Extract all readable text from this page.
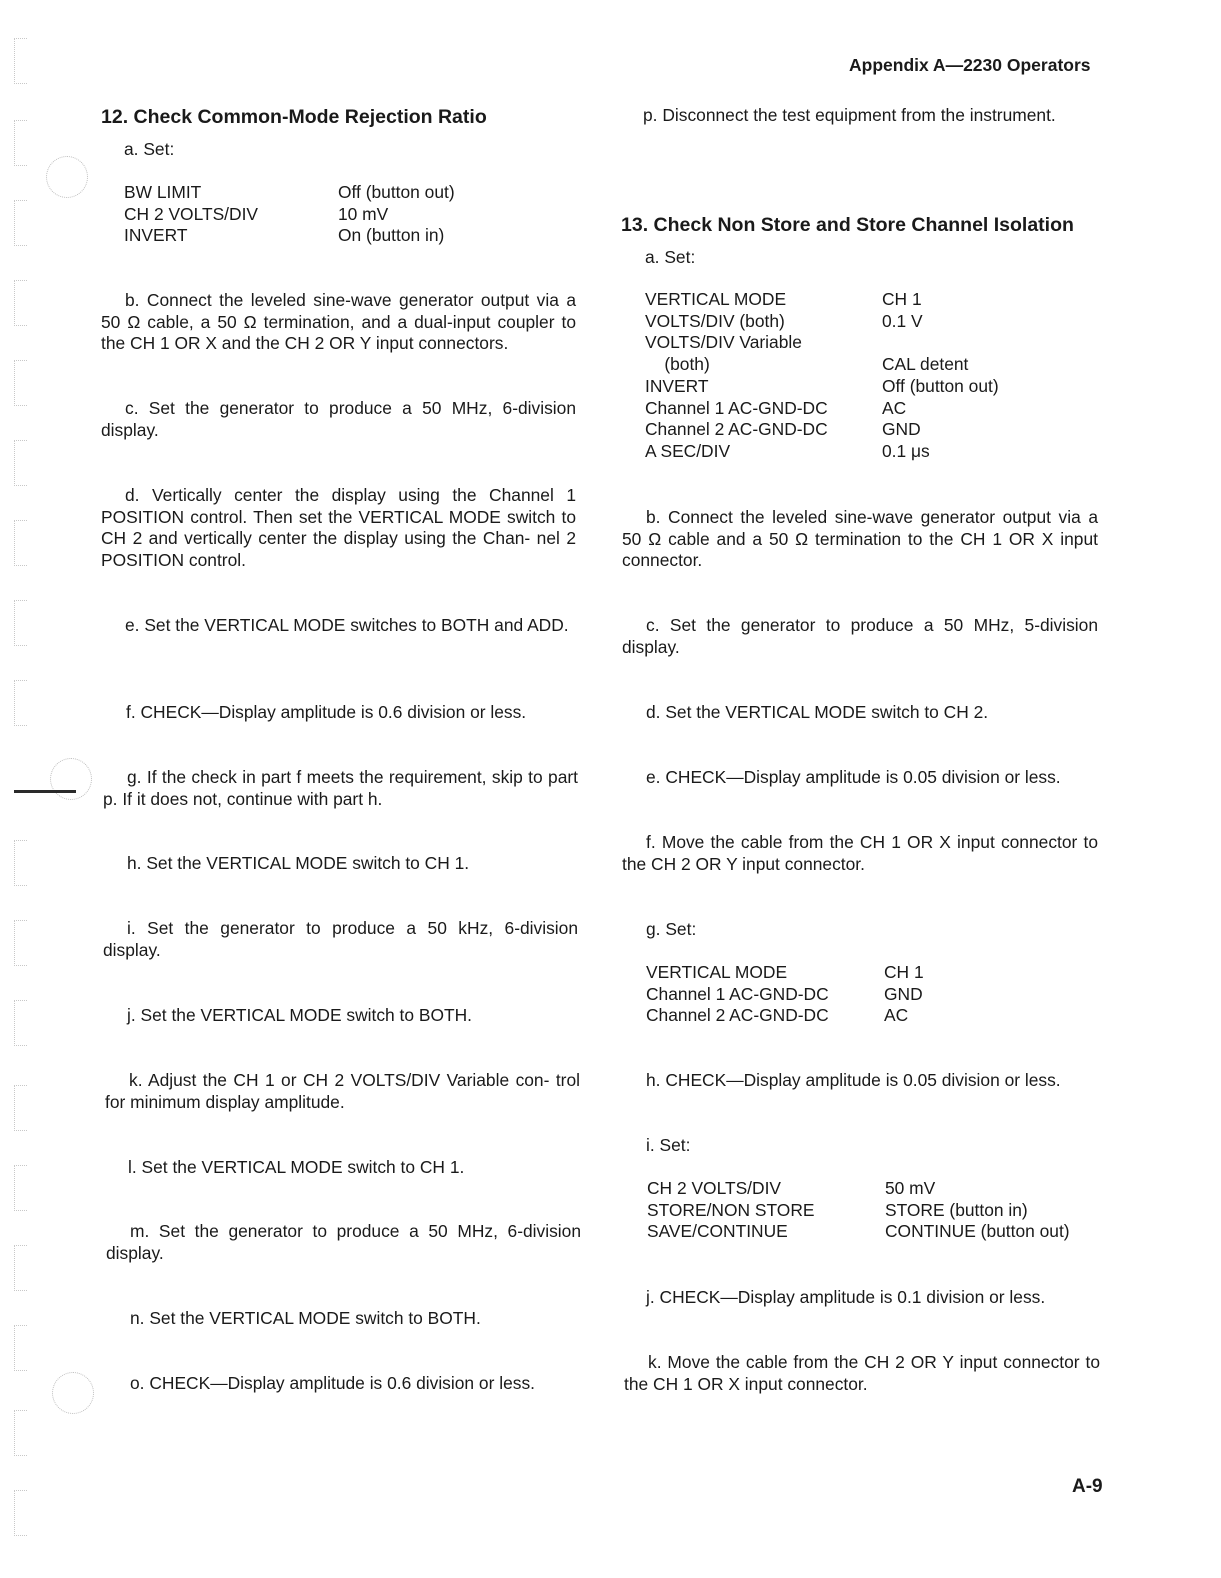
Appendix A—2230 Operators
12. Check Common-Mode Rejection Ratio
a. Set:
BW LIMIT	Off (button out)
CH 2 VOLTS/DIV	10 mV
INVERT	On (button in)
b. Connect the leveled sine-wave generator output via a 50 Ω cable, a 50 Ω termination, and a dual-input coupler to the CH 1 OR X and the CH 2 OR Y input connectors.
c. Set the generator to produce a 50 MHz, 6-division display.
d. Vertically center the display using the Channel 1 POSITION control. Then set the VERTICAL MODE switch to CH 2 and vertically center the display using the Chan- nel 2 POSITION control.
e. Set the VERTICAL MODE switches to BOTH and ADD.
f. CHECK—Display amplitude is 0.6 division or less.
g. If the check in part f meets the requirement, skip to part p. If it does not, continue with part h.
h. Set the VERTICAL MODE switch to CH 1.
i. Set the generator to produce a 50 kHz, 6-division display.
j. Set the VERTICAL MODE switch to BOTH.
k. Adjust the CH 1 or CH 2 VOLTS/DIV Variable con- trol for minimum display amplitude.
l. Set the VERTICAL MODE switch to CH 1.
m. Set the generator to produce a 50 MHz, 6-division display.
n. Set the VERTICAL MODE switch to BOTH.
o. CHECK—Display amplitude is 0.6 division or less.
p. Disconnect the test equipment from the instrument.
13. Check Non Store and Store Channel Isolation
a. Set:
VERTICAL MODE	CH 1
VOLTS/DIV (both)	0.1 V
VOLTS/DIV Variable
(both)	CAL detent
INVERT	Off (button out)
Channel 1 AC-GND-DC	AC
Channel 2 AC-GND-DC	GND
A SEC/DIV	0.1 μs
b. Connect the leveled sine-wave generator output via a 50 Ω cable and a 50 Ω termination to the CH 1 OR X input connector.
c. Set the generator to produce a 50 MHz, 5-division display.
d. Set the VERTICAL MODE switch to CH 2.
e. CHECK—Display amplitude is 0.05 division or less.
f. Move the cable from the CH 1 OR X input connector to the CH 2 OR Y input connector.
g. Set:
VERTICAL MODE	CH 1
Channel 1 AC-GND-DC	GND
Channel 2 AC-GND-DC	AC
h. CHECK—Display amplitude is 0.05 division or less.
i. Set:
CH 2 VOLTS/DIV	50 mV
STORE/NON STORE	STORE (button in)
SAVE/CONTINUE	CONTINUE (button out)
j. CHECK—Display amplitude is 0.1 division or less.
k. Move the cable from the CH 2 OR Y input connector to the CH 1 OR X input connector.
A-9
